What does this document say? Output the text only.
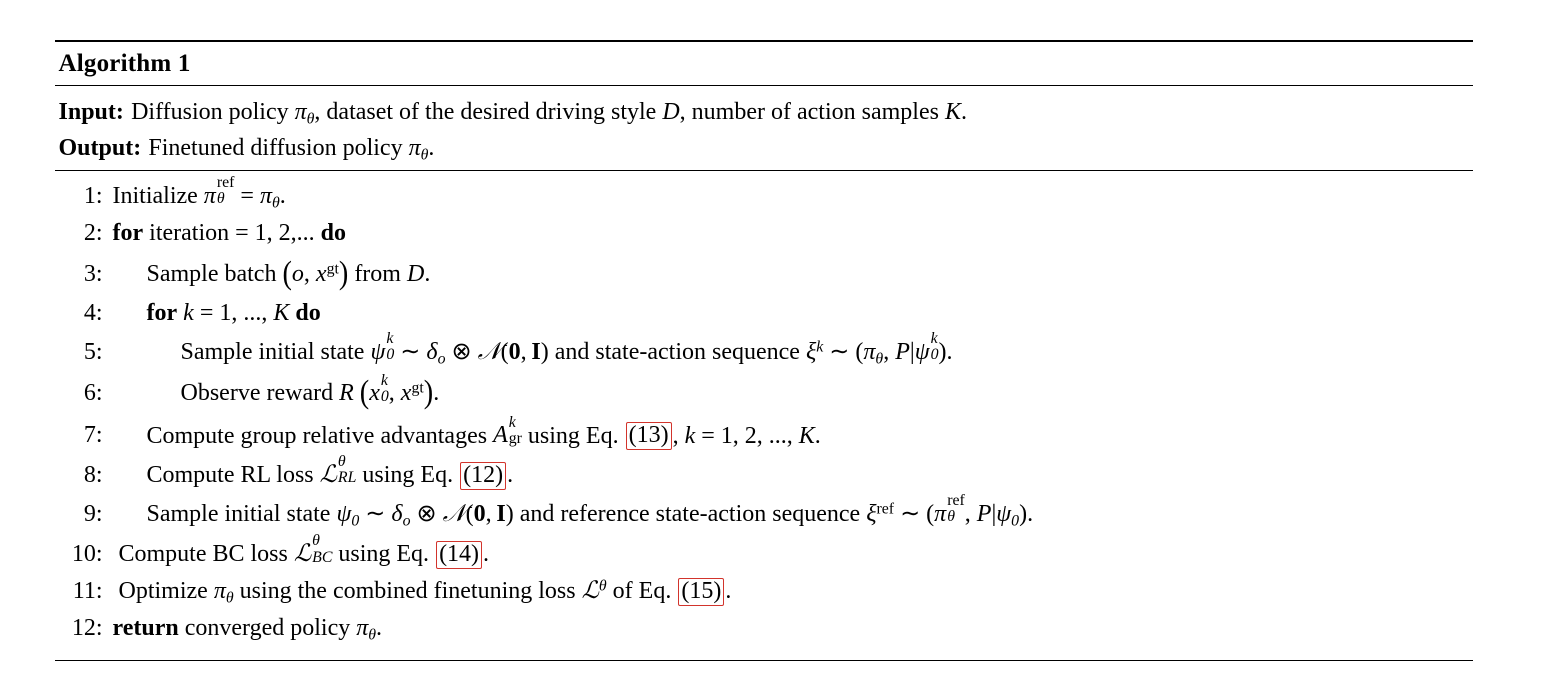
Algorithm 1
Input: Diffusion policy $\pi_\theta$, dataset of the desired driving style D, number of action samples K.
Output: Finetuned diffusion policy $\pi_\theta$.
1: Initialize π
ref
$\theta = \pi_\theta$.
2: for iteration = 1, 2,... do
3:	Sample batch (o, $x^{gt}$) from D.
4:	for k = 1, ..., K do
5:	Sample initial state ψ
k
0 ∼ $\delta_o$ ⊗ 𝒩(0, I) and state-action sequence $\xi^k$ ∼ ($\pi_\theta$, P|ψ
k
0 ).
6:	Observe reward R (x
k
0 , $x^{gt}$).
7:	Compute group relative advantages A
k
gr using Eq. (13) , k = 1, 2, ..., K.
8:	Compute RL loss ℒ
θ
RL using Eq. (12) .
9:	Sample initial state $\psi_0$ ∼ $\delta_o$ ⊗ 𝒩(0, I) and reference state-action sequence $\xi^{ref}$ ∼ (π
ref
θ , $P|\psi_0$).
10: Compute BC loss ℒ
θ
BC using Eq. (14) .
11: Optimize $\pi_\theta$ using the combined finetuning loss ℒ$^\theta$ of Eq. (15) .
12: return converged policy $\pi_\theta$.
